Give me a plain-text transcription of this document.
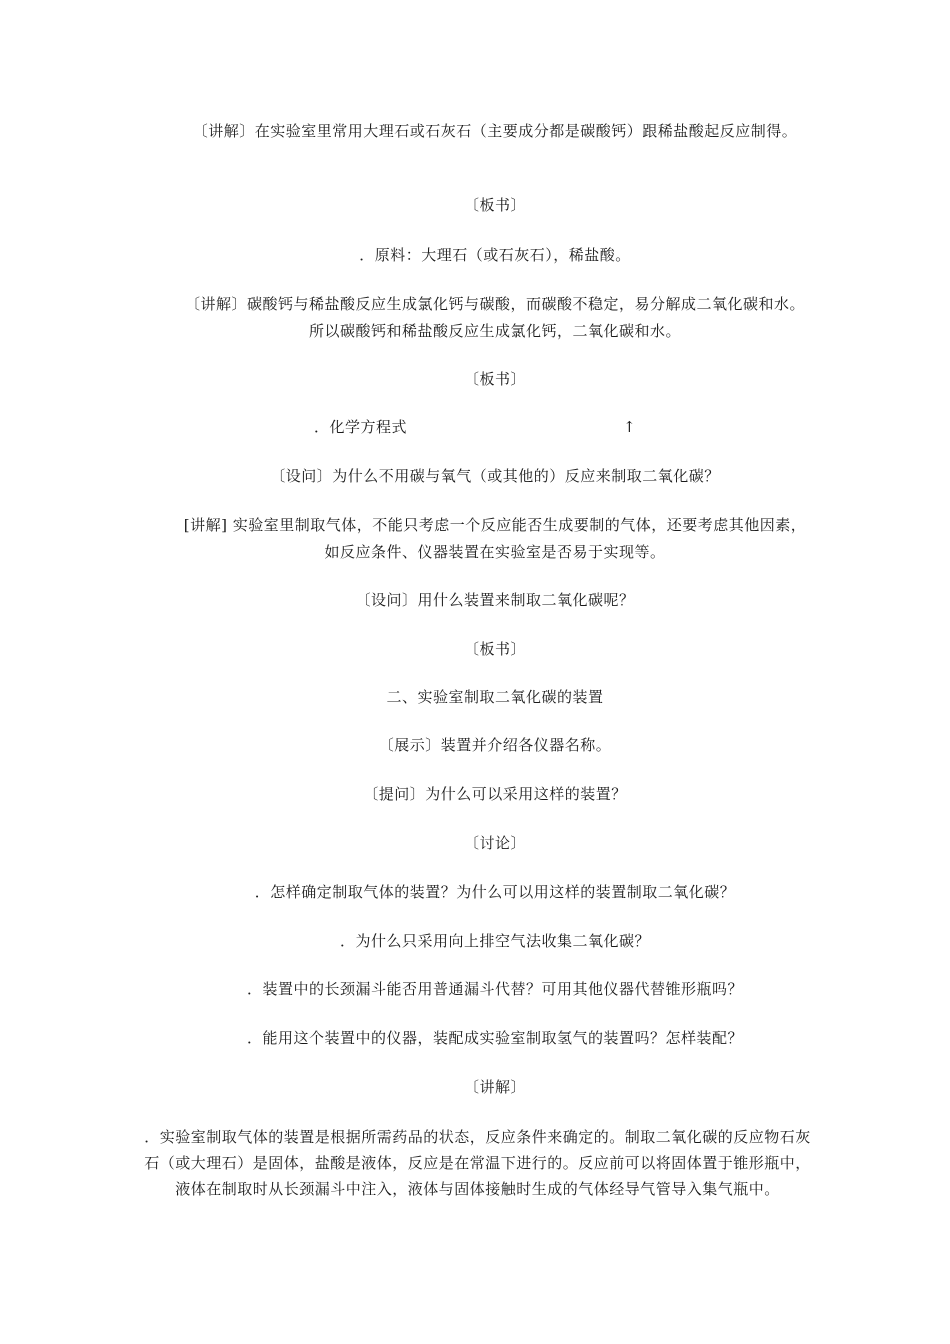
〔讲解〕在实验室里常用大理石或石灰石（主要成分都是碳酸钙）跟稀盐酸起反应制得。

〔板书〕

．原料：大理石（或石灰石），稀盐酸。

〔讲解〕碳酸钙与稀盐酸反应生成氯化钙与碳酸，而碳酸不稳定，易分解成二氧化碳和水。所以碳酸钙和稀盐酸反应生成氯化钙，二氧化碳和水。

〔板书〕

．化学方程式	↑

〔设问〕为什么不用碳与氧气（或其他的）反应来制取二氧化碳？

[讲解] 实验室里制取气体，不能只考虑一个反应能否生成要制的气体，还要考虑其他因素，如反应条件、仪器装置在实验室是否易于实现等。

〔设问〕用什么装置来制取二氧化碳呢？

〔板书〕

二、实验室制取二氧化碳的装置

〔展示〕装置并介绍各仪器名称。

〔提问〕为什么可以采用这样的装置？

〔讨论〕

．怎样确定制取气体的装置？为什么可以用这样的装置制取二氧化碳？

．为什么只采用向上排空气法收集二氧化碳？

．装置中的长颈漏斗能否用普通漏斗代替？可用其他仪器代替锥形瓶吗？

．能用这个装置中的仪器，装配成实验室制取氢气的装置吗？怎样装配？

〔讲解〕

．实验室制取气体的装置是根据所需药品的状态，反应条件来确定的。制取二氧化碳的反应物石灰石（或大理石）是固体，盐酸是液体，反应是在常温下进行的。反应前可以将固体置于锥形瓶中，液体在制取时从长颈漏斗中注入，液体与固体接触时生成的气体经导气管导入集气瓶中。
